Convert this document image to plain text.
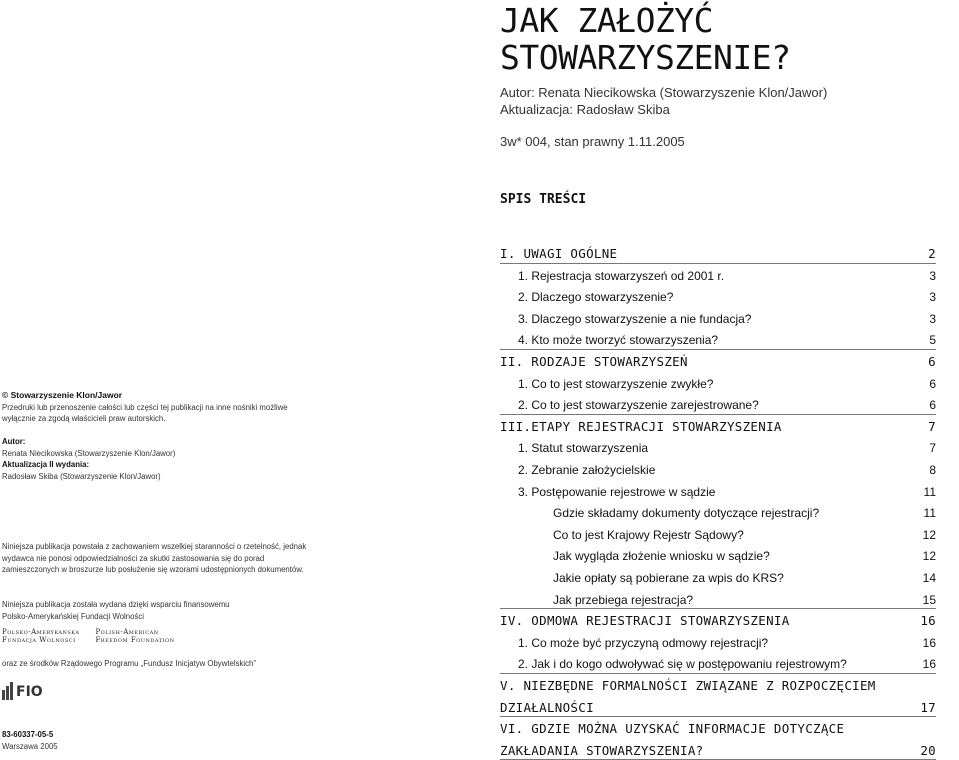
JAK ZAŁOŻYĆ
STOWARZYSZENIE?
Autor: Renata Niecikowska (Stowarzyszenie Klon/Jawor)
Aktualizacja: Radosław Skiba
3w* 004, stan prawny 1.11.2005
SPIS TREŚCI
I. UWAGI OGÓLNE	2
1. Rejestracja stowarzyszeń od 2001 r.	3
2. Dlaczego stowarzyszenie?	3
3. Dlaczego stowarzyszenie a nie fundacja?	3
4. Kto może tworzyć stowarzyszenia?	5
II. RODZAJE STOWARZYSZEŃ	6
1. Co to jest stowarzyszenie zwykłe?	6
2. Co to jest stowarzyszenie zarejestrowane?	6
III.ETAPY REJESTRACJI STOWARZYSZENIA	7
1. Statut stowarzyszenia	7
2. Zebranie założycielskie	8
3. Postępowanie rejestrowe w sądzie	11
Gdzie składamy dokumenty dotyczące rejestracji?	11
Co to jest Krajowy Rejestr Sądowy?	12
Jak wygląda złożenie wniosku w sądzie?	12
Jakie opłaty są pobierane za wpis do KRS?	14
Jak przebiega rejestracja?	15
IV. ODMOWA REJESTRACJI STOWARZYSZENIA	16
1. Co może być przyczyną odmowy rejestracji?	16
2. Jak i do kogo odwoływać się w postępowaniu rejestrowym?	16
V. NIEZBĘDNE FORMALNOŚCI ZWIĄZANE Z ROZPOCZĘCIEM
DZIAŁALNOŚCI	17
VI. GDZIE MOŻNA UZYSKAĆ INFORMACJE DOTYCZĄCE
ZAKŁADANIA STOWARZYSZENIA?	20
© Stowarzyszenie Klon/Jawor
Przedruki lub przenoszenie całości lub części tej publikacji na inne nośniki możliwe wyłącznie za zgodą właścicieli praw autorskich.
Autor:
Renata Niecikowska (Stowarzyszenie Klon/Jawor)
Aktualizacja II wydania:
Radosław Skiba (Stowarzyszenie Klon/Jawor)
Niniejsza publikacja powstała z zachowaniem wszelkiej staranności o rzetelność, jednak wydawca nie ponosi odpowiedzialności za skutki zastosowania się do porad zamieszczonych w broszurze lub posłużenie się wzorami udostępnionych dokumentów.
Niniejsza publikacja została wydana dzięki wsparciu finansowemu Polsko-Amerykańskiej Fundacji Wolności
Polsko-Amerykańska
Fundacja Wolności
Polish-American
Freedom Foundation
oraz ze środków Rządowego Programu „Fundusz Inicjatyw Obywtelskich”
FIO
83-60337-05-5
Warszawa 2005
